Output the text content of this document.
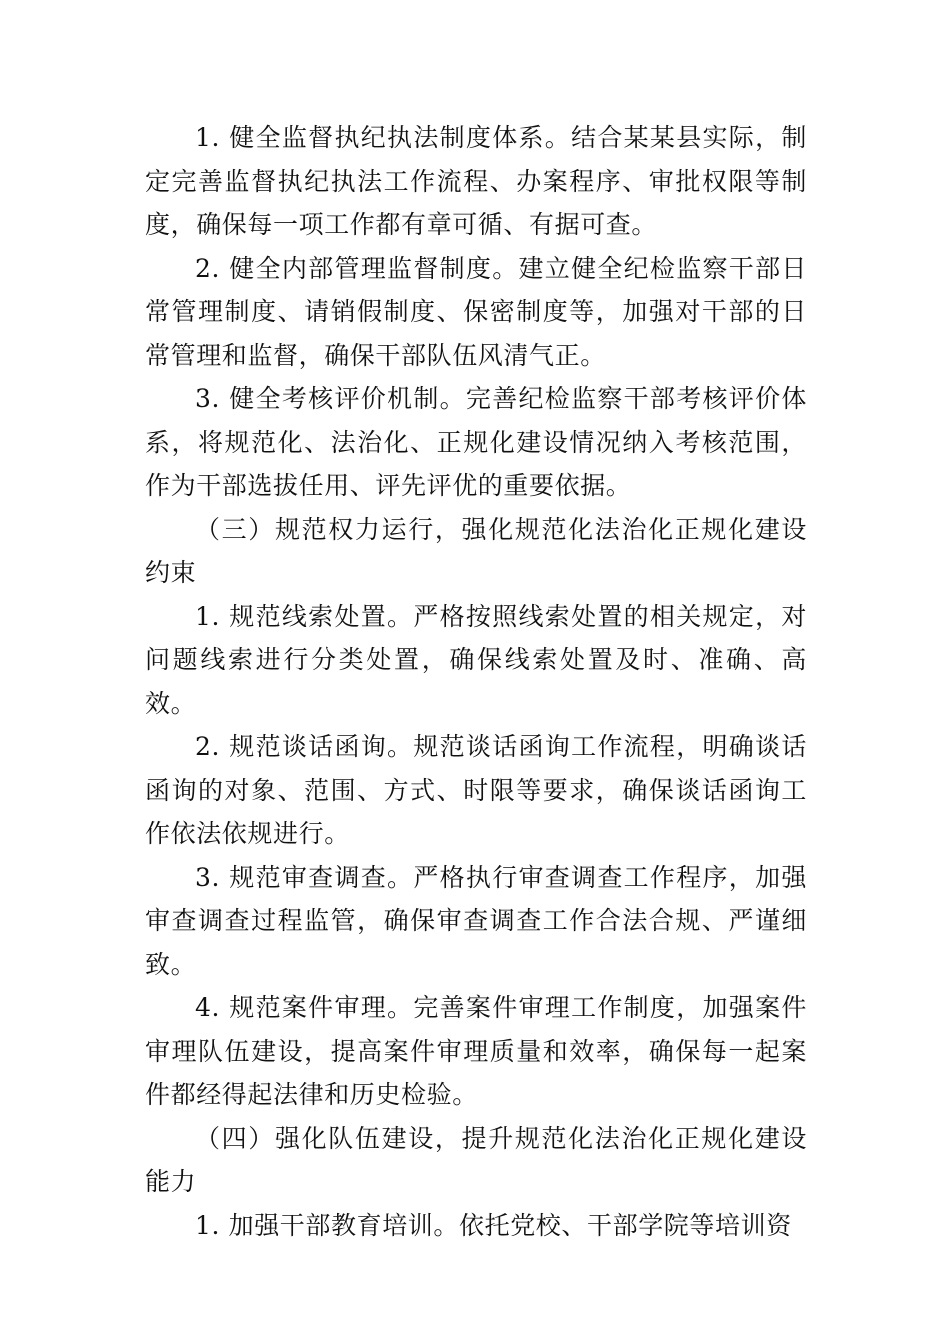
1. 健全监督执纪执法制度体系。结合某某县实际，制定完善监督执纪执法工作流程、办案程序、审批权限等制度，确保每一项工作都有章可循、有据可查。

2. 健全内部管理监督制度。建立健全纪检监察干部日常管理制度、请销假制度、保密制度等，加强对干部的日常管理和监督，确保干部队伍风清气正。

3. 健全考核评价机制。完善纪检监察干部考核评价体系，将规范化、法治化、正规化建设情况纳入考核范围，作为干部选拔任用、评先评优的重要依据。

（三）规范权力运行，强化规范化法治化正规化建设约束

1. 规范线索处置。严格按照线索处置的相关规定，对问题线索进行分类处置，确保线索处置及时、准确、高效。

2. 规范谈话函询。规范谈话函询工作流程，明确谈话函询的对象、范围、方式、时限等要求，确保谈话函询工作依法依规进行。

3. 规范审查调查。严格执行审查调查工作程序，加强审查调查过程监管，确保审查调查工作合法合规、严谨细致。

4. 规范案件审理。完善案件审理工作制度，加强案件审理队伍建设，提高案件审理质量和效率，确保每一起案件都经得起法律和历史检验。

（四）强化队伍建设，提升规范化法治化正规化建设能力

1. 加强干部教育培训。依托党校、干部学院等培训资
